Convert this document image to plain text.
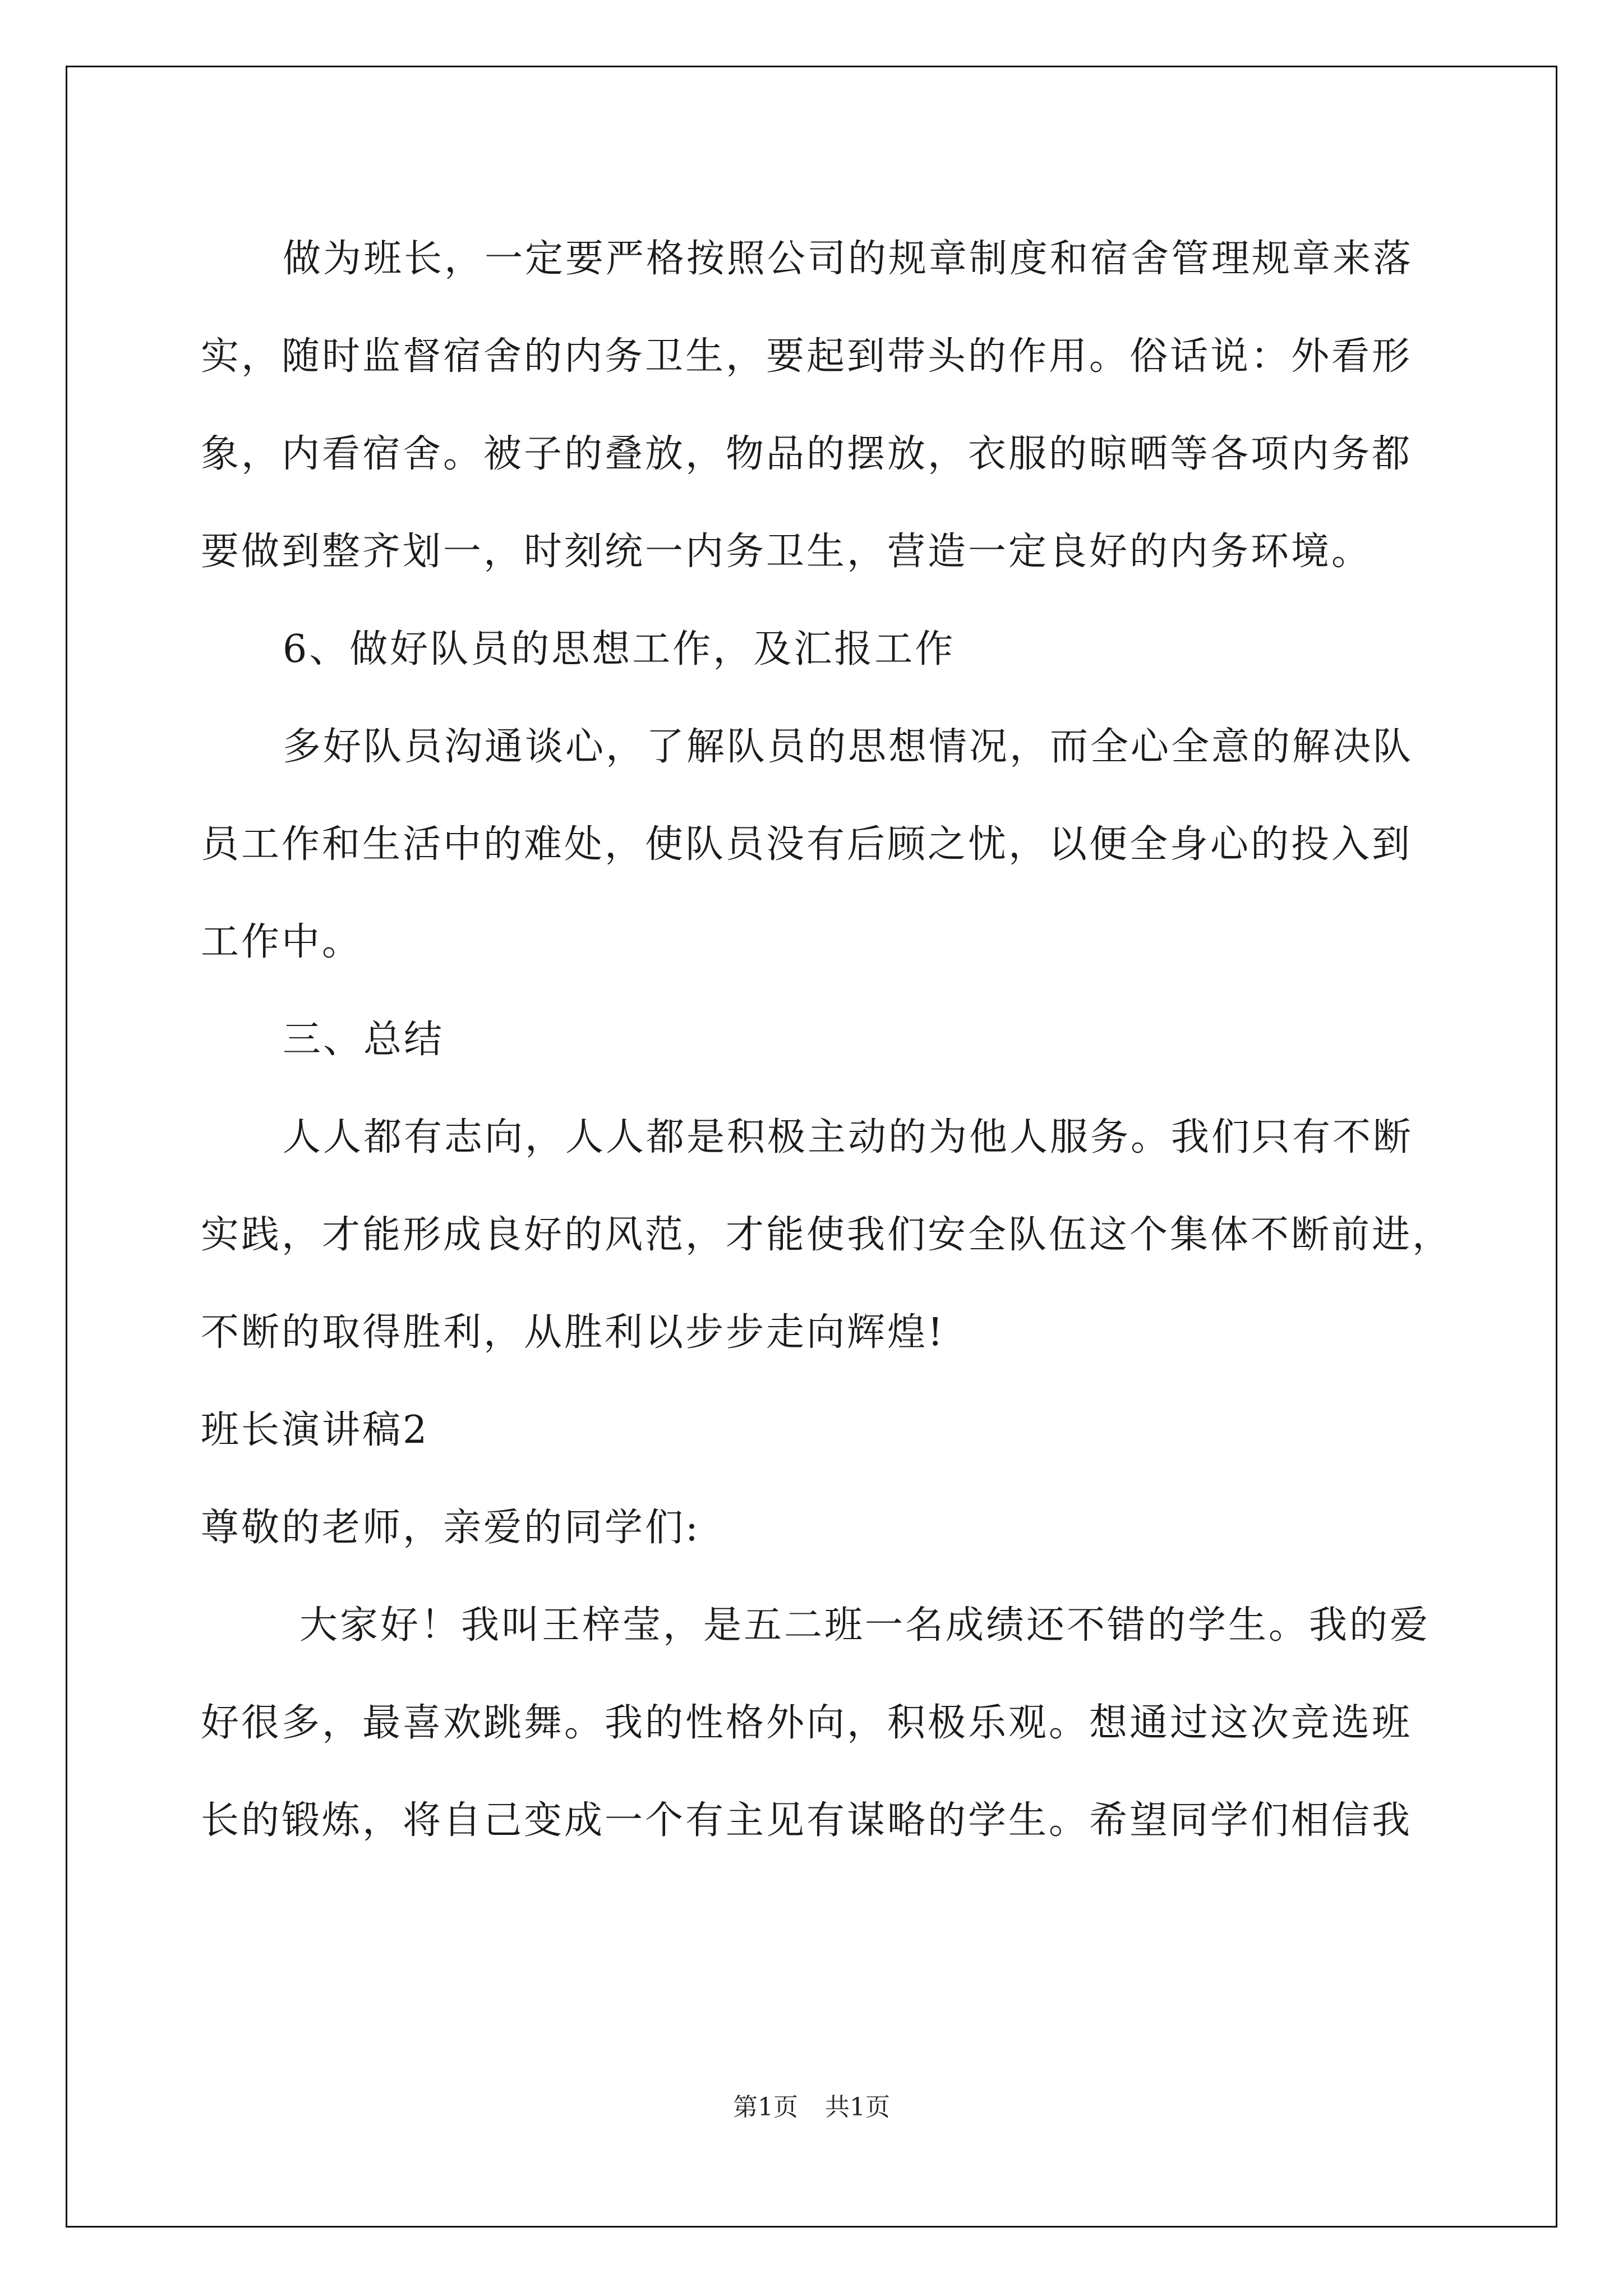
做为班长，一定要严格按照公司的规章制度和宿舍管理规章来落

实，随时监督宿舍的内务卫生，要起到带头的作用。俗话说：外看形

象，内看宿舍。被子的叠放，物品的摆放，衣服的晾晒等各项内务都

要做到整齐划一，时刻统一内务卫生，营造一定良好的内务环境。

6、做好队员的思想工作，及汇报工作

多好队员沟通谈心，了解队员的思想情况，而全心全意的解决队

员工作和生活中的难处，使队员没有后顾之忧，以便全身心的投入到

工作中。

三、总结

人人都有志向，人人都是积极主动的为他人服务。我们只有不断

实践，才能形成良好的风范，才能使我们安全队伍这个集体不断前进，

不断的取得胜利，从胜利以步步走向辉煌!

班长演讲稿2

尊敬的老师，亲爱的同学们:

大家好！我叫王梓莹，是五二班一名成绩还不错的学生。我的爱

好很多，最喜欢跳舞。我的性格外向，积极乐观。想通过这次竞选班

长的锻炼，将自己变成一个有主见有谋略的学生。希望同学们相信我

第1页 共1页
